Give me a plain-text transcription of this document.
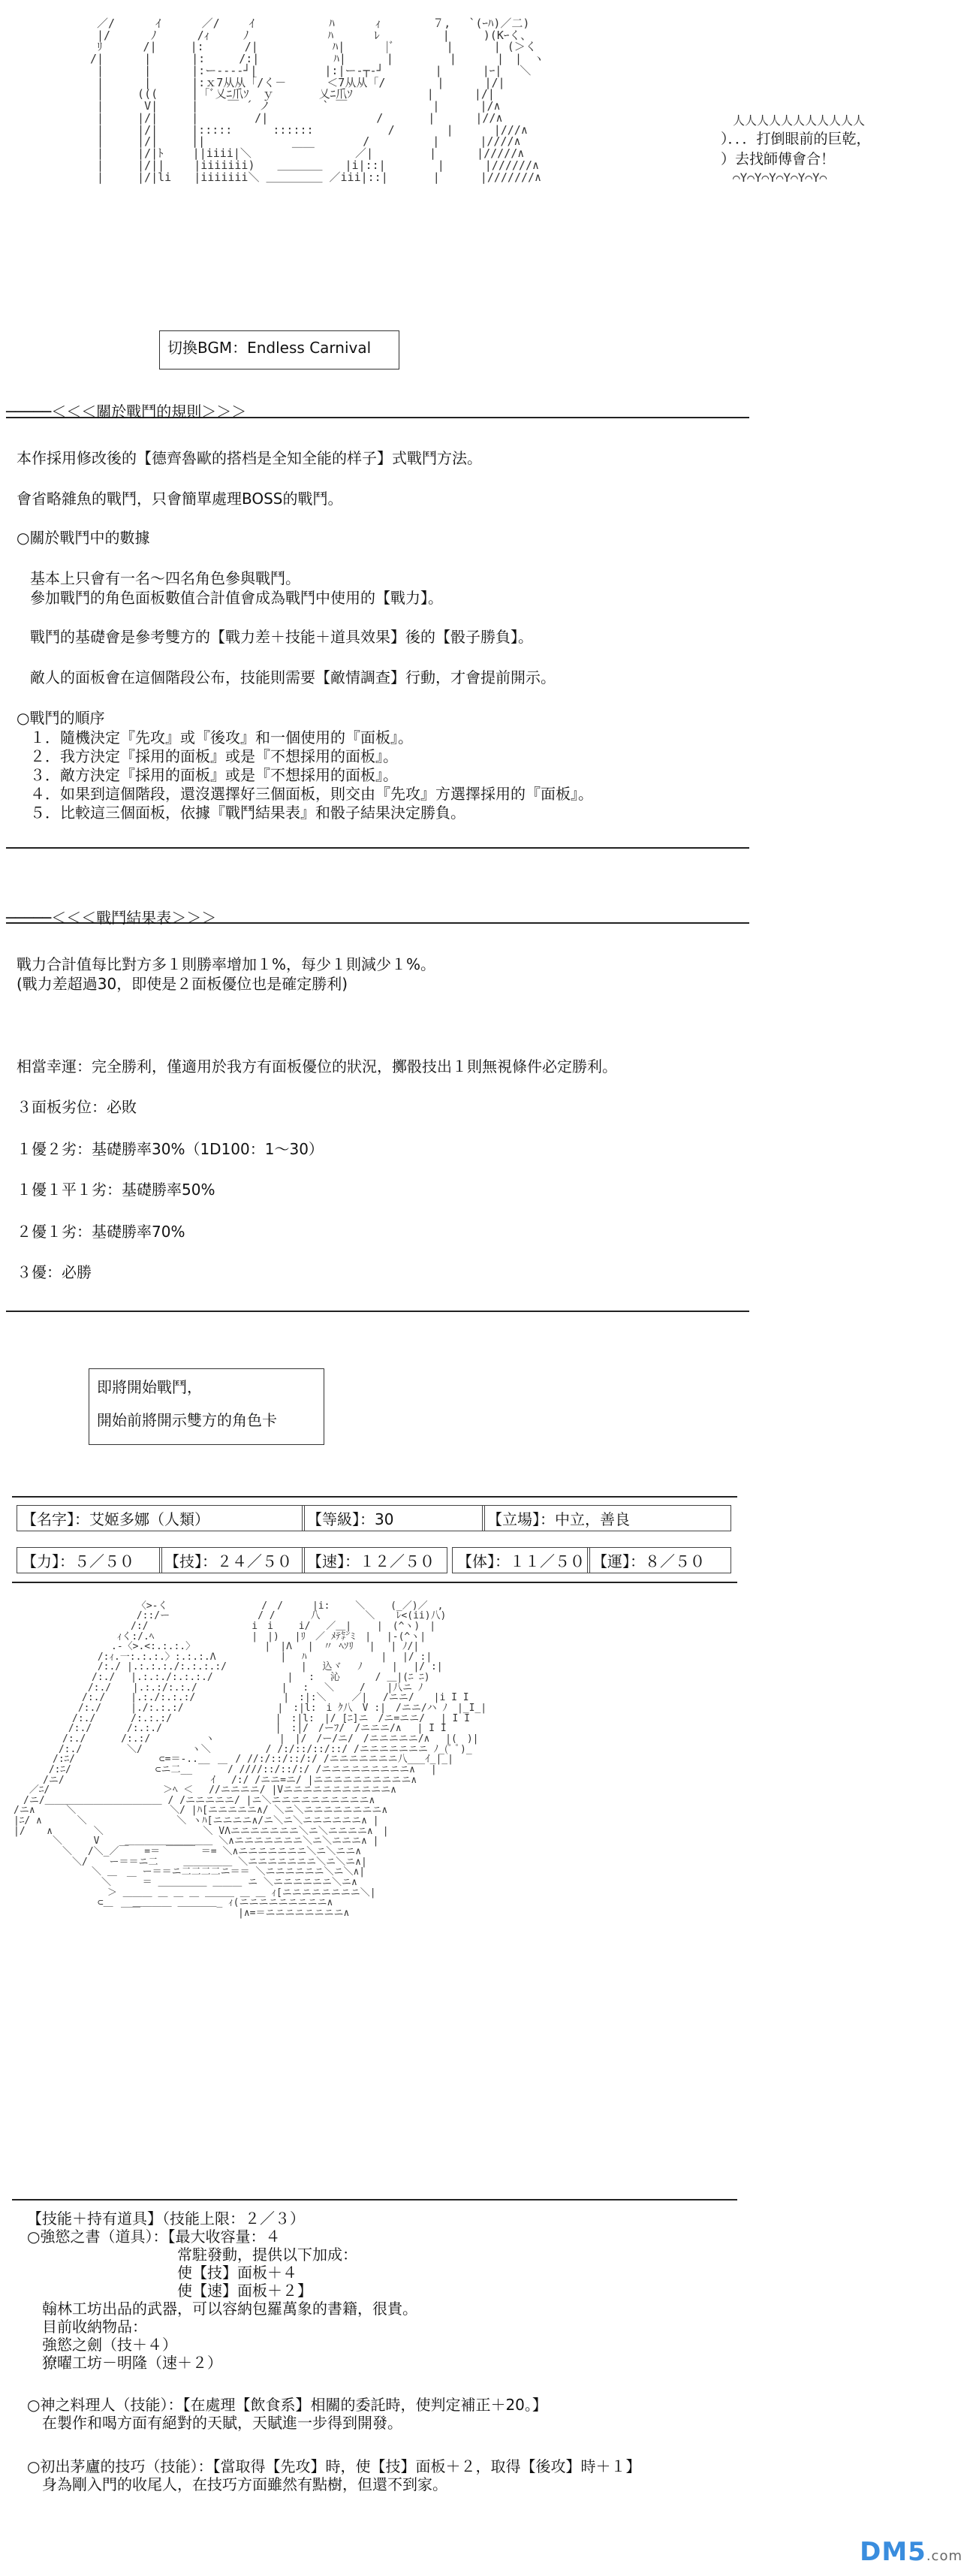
／/　　　 ｲ　　　 ／/　　 ｲ　　　　　　 ﾊ　　　 ｨ　　　　 ７,　 `(ｰﾊ)／二)
|/　　　 ﾉ　　　 /ｨ　　　ﾉ　　　　　　　ﾊ　　　 ﾚ　　　　　 |　　　)(Kｰく、
ﾘ　　　 /|　　　|:　　　 /|　　　　　　 ﾊ|　　　 |ﾞ　　　　 |　　　 | (＞く
/|　　　 |　　　 |:　　　/:|　　　　　　 ﾊ|　　　 |　　　　　|　　　 |　|　ヽ
|　　　 |　　　 |:ー--‐‐┘|　　　　　　|:|ー‐┬‐┘　　　　 |　　　 |ｰ|　 ＼
|　　　 |　　　 |:ｘ7从从「/く－　　　 ＜7从从「/　　　　 |　　　 |/|
|　　　(((　　　|「ﾞ乂ﾆ爪ｿ  ｙ　　　　乂ﾆ爪ｿ　　　　　　 |　　　 |/|
|　　　 V|　　　|　　 ￣ ´ ノ　　　　 ` ￣　　　　　　　 |　　　 |/∧
|　　　|/|　　　|　　　　　/|　　　　　　　　　 /　　　　|　　　 |//∧
|　　　|/|　　　|:::::　　　 ::::::　　　　　　 /　　　　 |　　　 |///∧
|　　　|/|　　　||　　　　　　　　　　　　　　/　　　　　 |　　　 |////∧
|　　　|/|ﾄ　　 ||iiii|＼　　　 ￣￣　　　 ／|　　　　　|　　　 |/////∧
|　　　|/||　　 |iiiiiii)　　＿＿＿＿　　|i|::|　　　　 |　　　 |//////∧
|　　　|/|li　　|iiiiiii＼ ＿＿＿＿＿ ／iii|::|　　　　|　　　 |///////∧

　人人人人人人人人人人人
）．．．打倒眼前的巨乾，
）去找師傅會合！
　⌒Y⌒Y⌒Y⌒Y⌒Y⌒Y⌒
切換BGM：Endless Carnival
─────＜＜＜關於戰鬥的規則＞＞＞
本作採用修改後的【德齊魯歐的搭档是全知全能的样子】式戰鬥方法。
會省略雜魚的戰鬥，只會簡單處理BOSS的戰鬥。
○關於戰鬥中的數據
基本上只會有一名～四名角色參與戰鬥。
參加戰鬥的角色面板數值合計值會成為戰鬥中使用的【戰力】。
戰鬥的基礎會是參考雙方的【戰力差＋技能＋道具效果】後的【骰子勝負】。
敵人的面板會在這個階段公布，技能則需要【敵情調查】行動，才會提前開示。
○戰鬥的順序
１．隨機決定『先攻』或『後攻』和一個使用的『面板』。
２．我方決定『採用的面板』或是『不想採用的面板』。
３．敵方決定『採用的面板』或是『不想採用的面板』。
４．如果到這個階段，還沒選擇好三個面板，則交由『先攻』方選擇採用的『面板』。
５．比較這三個面板，依據『戰鬥結果表』和骰子結果決定勝負。
─────＜＜＜戰鬥結果表＞＞＞
戰力合計值每比對方多１則勝率增加１%，每少１則減少１%。
(戰力差超過30，即使是２面板優位也是確定勝利)
相當幸運：完全勝利，僅適用於我方有面板優位的狀況，擲骰技出１則無視條件必定勝利。
３面板劣位：必敗
１優２劣：基礎勝率30%（1D100：1～30）
１優１平１劣：基礎勝率50%
２優１劣：基礎勝率70%
３優：必勝
即將開始戰鬥，
開始前將開示雙方的角色卡
【名字】：艾姬多娜（人類）	【等級】：30	【立場】：中立，善良
【力】：５／５０	【技】：２４／５０	【速】：１２／５０	【体】：１１／５０ 【運】：８／５０

　　　　　　　　　　　　 〈>-く　　　　　　　　　 /　/　　　|i:　　 ＼　　 (_／)／　,
　　　　　　　　　　　　 /::/ー　　　　　　　　　/ /　　　 八　　　　 ＼ 　 ﾚ<(ii)八)
　　　　　　　　　　　　/:/　　　　　　　　　　 i　i　　 i/　 ／＿|　　 |　(^ヽ)　|
　　　　　　　　　　 ｨく:/.ﾍ　　　　　　　　　　|　|)　 |ﾘ　／ ﾒﾃ㌢ﾐ　|　 |‐(^ヽ|
　　　　　　　　　　.‐〈>.<:.:.:.〉　　　　　　　 |　|Λ　 |　〃 ﾍｿﾘ 　|　 | ﾉ/|
　　　　　　　　 /:ｨ.一:.:.:.〉:.:.:.Λ　　　　　　 |　 ﾊ　　　　　　　 |　 |/ :|
　　　　　　　　 /:./ |.:.:.:./:.:.:.:/　　　　　　　 |　 込ヾ　 ﾉ　　　|　 |/ :|
　　　　　　　　/:./ 　|.:.:./:.:.:./　　　　　　　 |　 :　 沁　　　 / ＿|(ﾆ ﾆ)
　　　　　　　 /:./ 　 |.:.:/:.:./ 　　　　　　　　|　 :　 ＼　　 / 　 |八ニ ﾉ
　　　　　　　/:./　　 |.:./:.:.:/　　　　　　　　　|　:|:＼　　 ／|　 /ニニ/　　|i I I
　　　　　　 /:./　　　|./:.:.:/　　　　　　　　　 |　:|l:　i ｸ八　V :|　/ニニ/ハ ﾉ　|_I_|
　　　　　　/:./　　　 /:.:.:/　　　　　　　　　　 |　:|l:　|/ [ﾆ]ニ　/ニ=ニニ/ 　| I I
　　　　　 /:./　　　 /:.:./　　　　　　　　　　　 |　:|/　/ーﾌ/　/ニニニ/∧　 | I I
　　　　　/:./　　　 /:.:/　　　　　 ヽ　　　　　　 |　|/　/ー/ニ/　/ニニニニニ/∧　 |(　)|
　　　　 /:./　　　　 ＼/　　　　　ヽ＼　　　　　 / /:/::/::/::/ /ニニニニニニニ ﾉ_(ﾟ ﾟ)_
　　　　/:ﾆ/　　　　　　　　 ⊂=＝-..__　　 / //:/::/::/:/ /ニニニニニニニ八___ｲ_|_|
　　　 /:ﾆ/　　　　　　　　 ⊂ニ二__　　 ￣/ ////::/::/:/ /ニニニニニニニニニ∧　 |
　　　/ニ/　　　　　　　　　　　　　　　ｲ 　/:/ /ニニ=ニ/ |ニニニニニニニニニニ∧
　 ／ﾆ/　　　　　　　　　　　 ＞ﾍ ＜　 //ニニニニ/ |Vニニニニニニニニニニニ∧
　/ニ/＿＿＿＿＿＿＿＿＿＿＿＿ / /ニニニニニ/ |ニ＼ニニニニニニニニニニ∧
/ニ∧ 　　 ＼　　　　　　　　　 ＼/ |ﾊ[ニニニニニ∧/ ＼ニ＼ニニニニニニニニ∧
|ﾆ/ ∧ 　　　＼ 　　　　　　　　 ＼ ヽﾊ[ニニニニ∧/ニ＼ニ＼ニニニニニニ∧ |
|/ 　 ∧ 　　　 ＼ 　　　　　　　　　 ＼ VΛニニニニニニニ＼ニ＼ニニニニ∧　|
　　　　＼　 　 V　　 ＿＿＿＿＿＿＿＿＿ ＼∧ニニニニニニニ＼ニ＼ニニニ∧ |
　　　　　＼　 /＼_／￣　 =＝ ￣￣￣ ＝= ＼∧ニニニニニニニ＼ニ＼ニニ∧
　　　　　　＼/ 　 ー＝＝ニ二　　 ＿＿＿＿＿ ＼ニニニニニニニ＼ニ＼ニ∧|
　　　　　　　　＼ ＿　　 ー＝＝ニ二二二二ニ＝＝ ＼ニニニニニニ＼ニ＼∧|
　　　　　　　　　＼ 　￣ ＝ ＿＿＿＿＿ ＿＿＿ ニ ＼ニニニニニニ＼ニ∧
　　　　　　　　　 ＞ ＿＿＿ ＿ ＿ ＿ ＿＿＿ ＿ ＿ ｨ[ニニニニニニニニ＼|
　　　　　　　　 ⊂＿　　＿＿＿＿ ＿＿＿＿_ ｨ(ニニニニニニニニニ∧
　　　　　　　　　　　￣￣　　　　　　　　　　|∧=＝ニニニニニニニニ∧

【技能＋持有道具】（技能上限：２／３）
○強慾之書（道具）：【最大收容量：４
　　　　　　　　　　常駐發動，提供以下加成：
　　　　　　　　　　使【技】面板＋４
　　　　　　　　　　使【速】面板＋２】
　翰林工坊出品的武器，可以容納包羅萬象的書籍，很貴。
　目前收納物品：
　強慾之劍（技＋４）
　獠曜工坊－明隆（速＋２）
○神之料理人（技能）：【在處理【飲食系】相關的委託時，使判定補正＋20。】
　在製作和喝方面有絕對的天賦，天賦進一步得到開發。
○初出茅廬的技巧（技能）：【當取得【先攻】時，使【技】面板＋２，取得【後攻】時＋１】
　身為剛入門的收尾人，在技巧方面雖然有點樹，但還不到家。
DM5.com
